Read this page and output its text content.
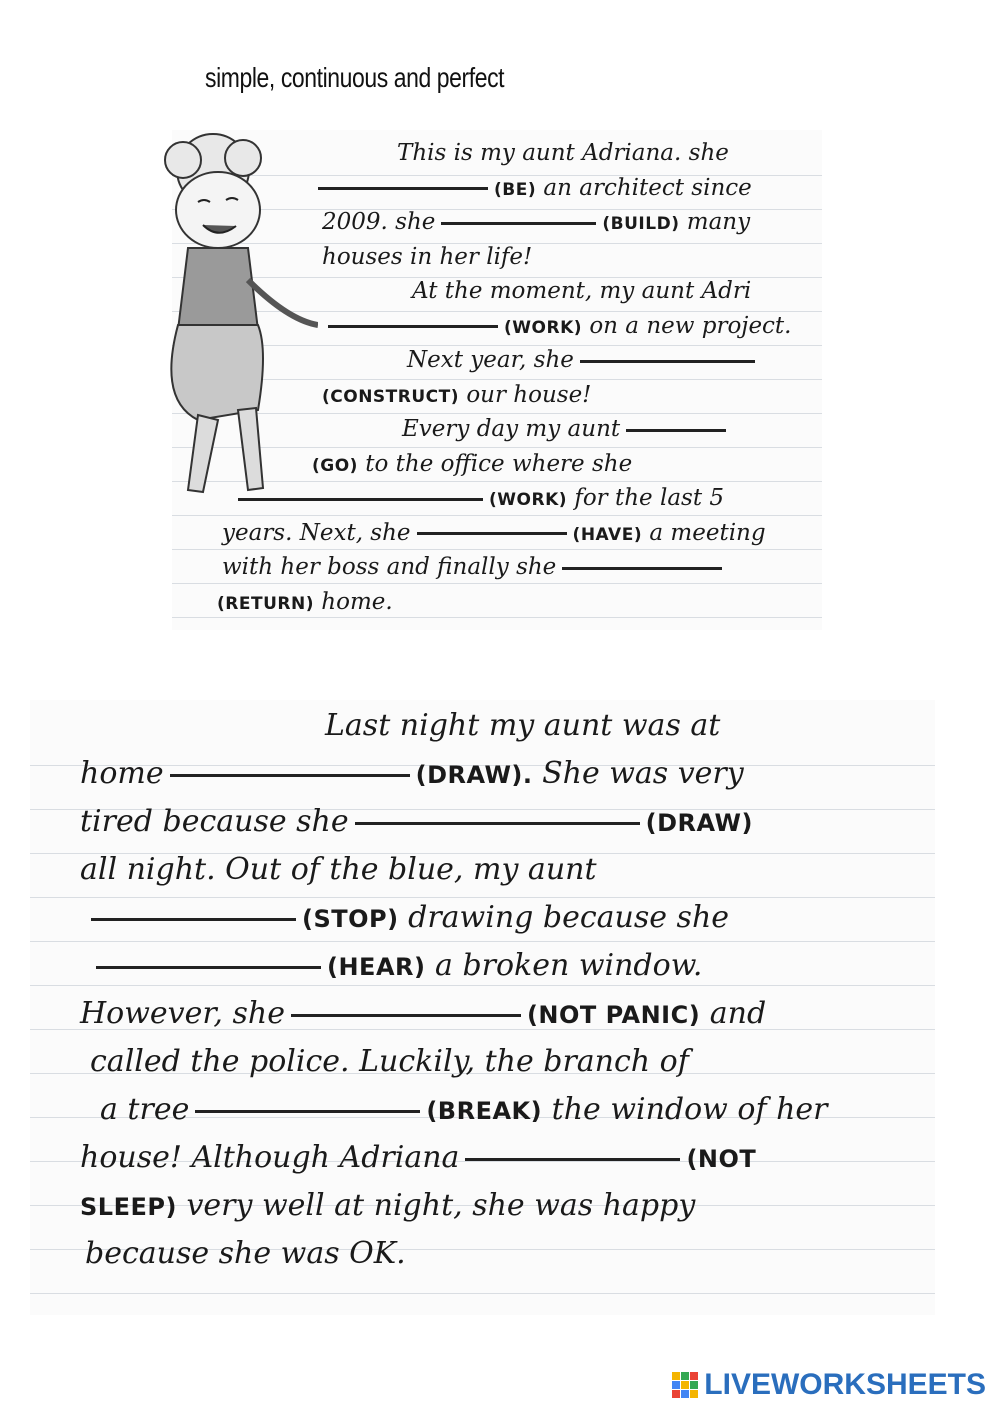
simple, continuous and perfect
This is my aunt Adriana. she
(BE) an architect since
2009. she	(BUILD) many
houses in her life!
At the moment, my aunt Adri
(WORK) on a new project.
Next year, she
(CONSTRUCT) our house!
Every day my aunt
(GO) to the office where she
(WORK) for the last 5
years. Next, she	(HAVE) a meeting
with her boss and finally she
(RETURN) home.
Last night my aunt was at
home	(DRAW). She was very
tired because she	(DRAW)
all night. Out of the blue, my aunt
(STOP) drawing because she
(HEAR) a broken window.
However, she	(NOT PANIC) and
called the police. Luckily, the branch of
a tree	(BREAK) the window of her
house! Although Adriana	(NOT
SLEEP) very well at night, she was happy
because she was OK.
LIVEWORKSHEETS
